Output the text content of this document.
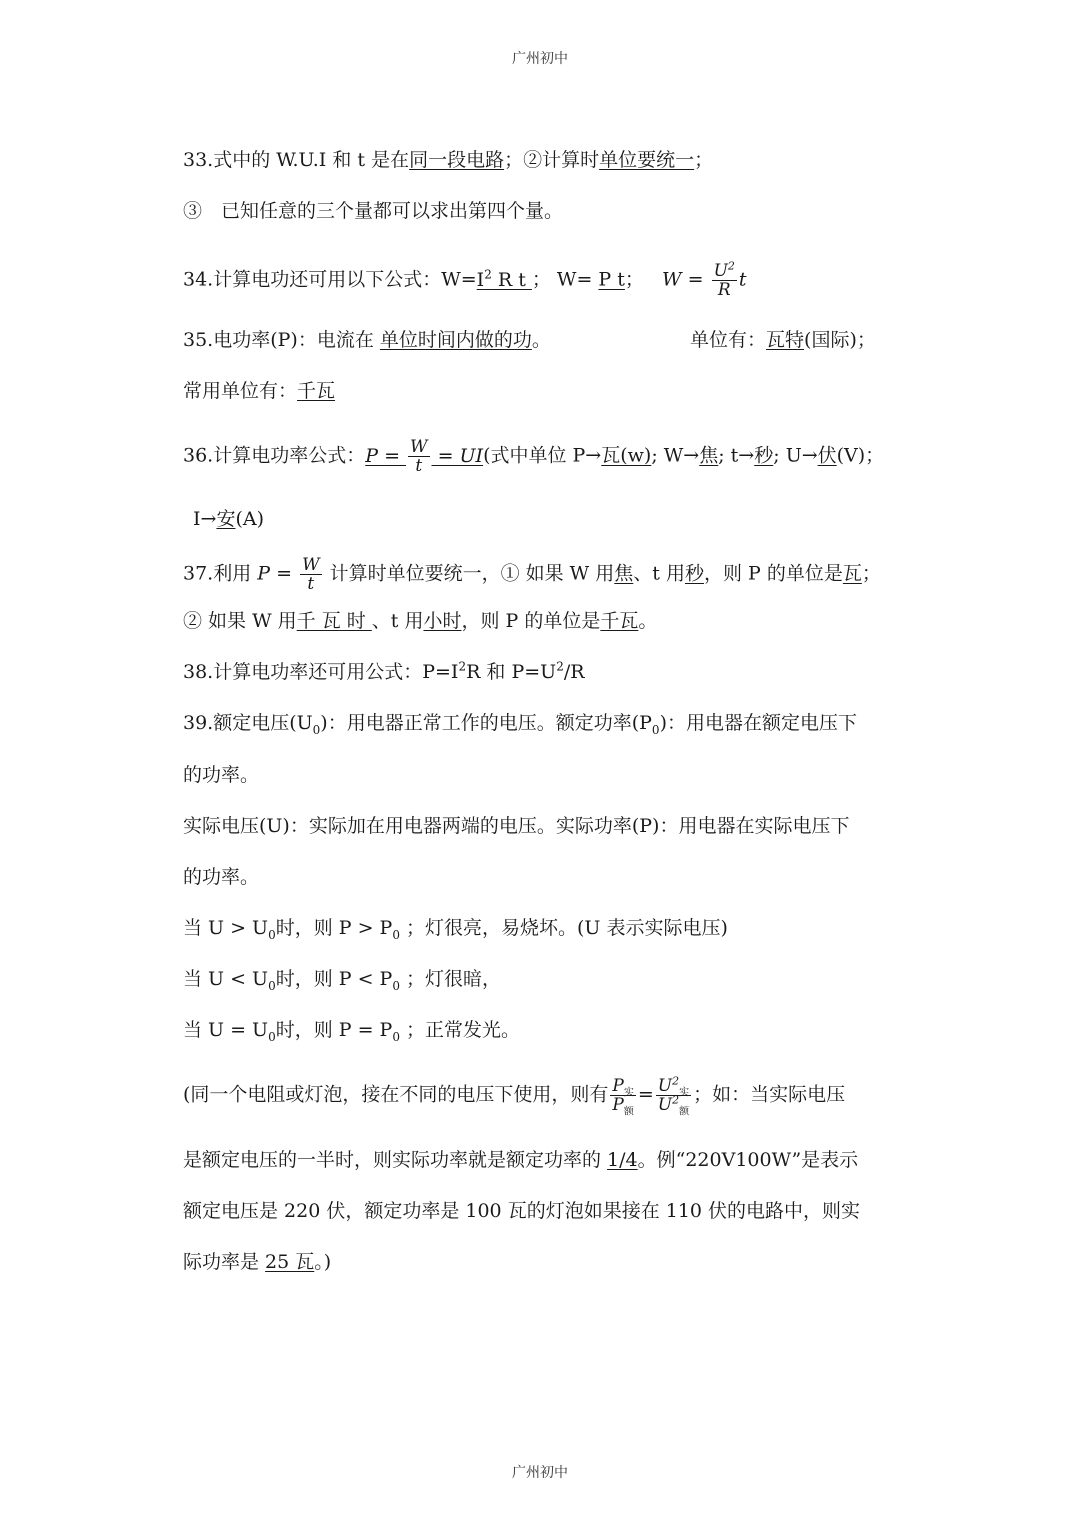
广州初中
33.式中的 W.U.I 和 t 是在同一段电路；②计算时单位要统一；
③　已知任意的三个量都可以求出第四个量。
34.计算电功还可用以下公式：$W=I^2$ R t ； W= P t； $W = \frac{U^2}{R}$ t
35.电功率(P)：电流在 单位时间内做的功。	单位有：瓦特(国际)；
常用单位有：千瓦
36.计算电功率公式：$P = \frac{W}{t} = UI$(式中单位 P→瓦(w); W→焦; t→秒; U→伏(V)；
I→安(A)
37.利用 $P = \frac{W}{t}$ 计算时单位要统一，① 如果 W 用焦、t 用秒，则 P 的单位是瓦；
② 如果 W 用千 瓦 时 、t 用小时，则 P 的单位是千瓦。
38.计算电功率还可用公式：$P=I^2R$ 和 $P=U^2/R$
39.额定电压$(U_0)$：用电器正常工作的电压。额定功率$(P_0)$：用电器在额定电压下
的功率。
实际电压(U)：实际加在用电器两端的电压。实际功率(P)：用电器在实际电压下
的功率。
当 $U > U_0$时，则 $P > P_0$ ；灯很亮，易烧坏。(U 表示实际电压)
当 $U < U_0$时，则 $P < P_0$ ；灯很暗，
当 $U = U_0$时，则 $P = P_0$ ；正常发光。
(同一个电阻或灯泡，接在不同的电压下使用，则有 $\frac{P_实}{P_额} = \frac{U^2_实}{U^2_额}$ ；如：当实际电压
是额定电压的一半时，则实际功率就是额定功率的 1/4。例“220V100W”是表示
额定电压是 220 伏，额定功率是 100 瓦的灯泡如果接在 110 伏的电路中，则实
际功率是 25 瓦。)
广州初中
